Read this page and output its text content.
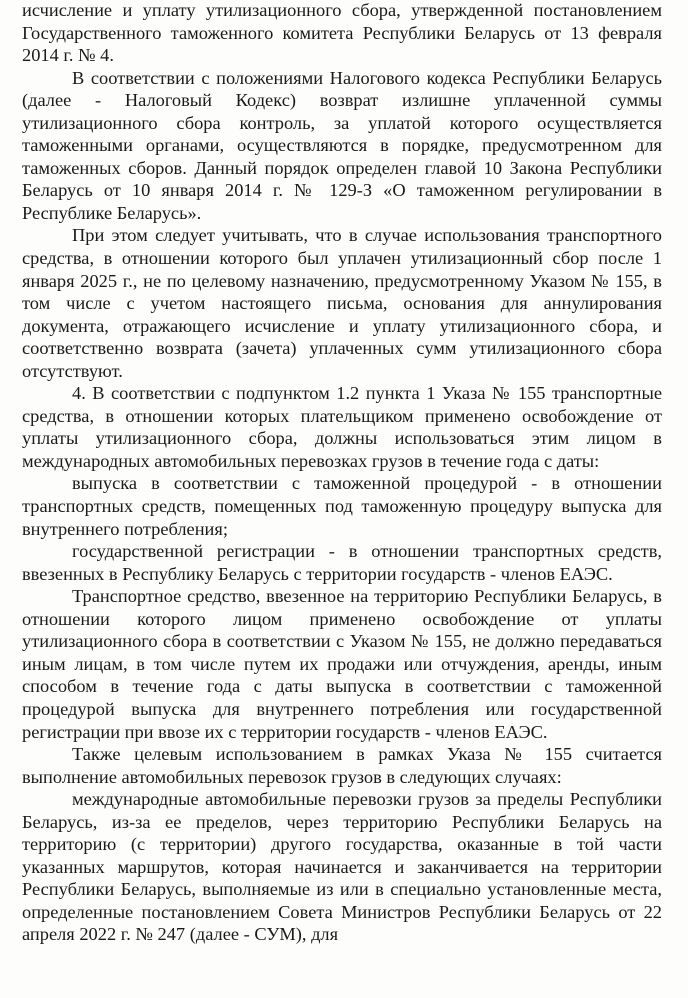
исчисление и уплату утилизационного сбора, утвержденной постановлением Государственного таможенного комитета Республики Беларусь от 13 февраля 2014 г. № 4.

В соответствии с положениями Налогового кодекса Республики Беларусь (далее - Налоговый Кодекс) возврат излишне уплаченной суммы утилизационного сбора контроль, за уплатой которого осуществляется таможенными органами, осуществляются в порядке, предусмотренном для таможенных сборов. Данный порядок определен главой 10 Закона Республики Беларусь от 10 января 2014 г. № 129-З «О таможенном регулировании в Республике Беларусь».

При этом следует учитывать, что в случае использования транспортного средства, в отношении которого был уплачен утилизационный сбор после 1 января 2025 г., не по целевому назначению, предусмотренному Указом № 155, в том числе с учетом настоящего письма, основания для аннулирования документа, отражающего исчисление и уплату утилизационного сбора, и соответственно возврата (зачета) уплаченных сумм утилизационного сбора отсутствуют.

4. В соответствии с подпунктом 1.2 пункта 1 Указа № 155 транспортные средства, в отношении которых плательщиком применено освобождение от уплаты утилизационного сбора, должны использоваться этим лицом в международных автомобильных перевозках грузов в течение года с даты:

выпуска в соответствии с таможенной процедурой - в отношении транспортных средств, помещенных под таможенную процедуру выпуска для внутреннего потребления;

государственной регистрации - в отношении транспортных средств, ввезенных в Республику Беларусь с территории государств - членов ЕАЭС.

Транспортное средство, ввезенное на территорию Республики Беларусь, в отношении которого лицом применено освобождение от уплаты утилизационного сбора в соответствии с Указом № 155, не должно передаваться иным лицам, в том числе путем их продажи или отчуждения, аренды, иным способом в течение года с даты выпуска в соответствии с таможенной процедурой выпуска для внутреннего потребления или государственной регистрации при ввозе их с территории государств - членов ЕАЭС.

Также целевым использованием в рамках Указа № 155 считается выполнение автомобильных перевозок грузов в следующих случаях:

международные автомобильные перевозки грузов за пределы Республики Беларусь, из-за ее пределов, через территорию Республики Беларусь на территорию (с территории) другого государства, оказанные в той части указанных маршрутов, которая начинается и заканчивается на территории Республики Беларусь, выполняемые из или в специально установленные места, определенные постановлением Совета Министров Республики Беларусь от 22 апреля 2022 г. № 247 (далее - СУМ), для
